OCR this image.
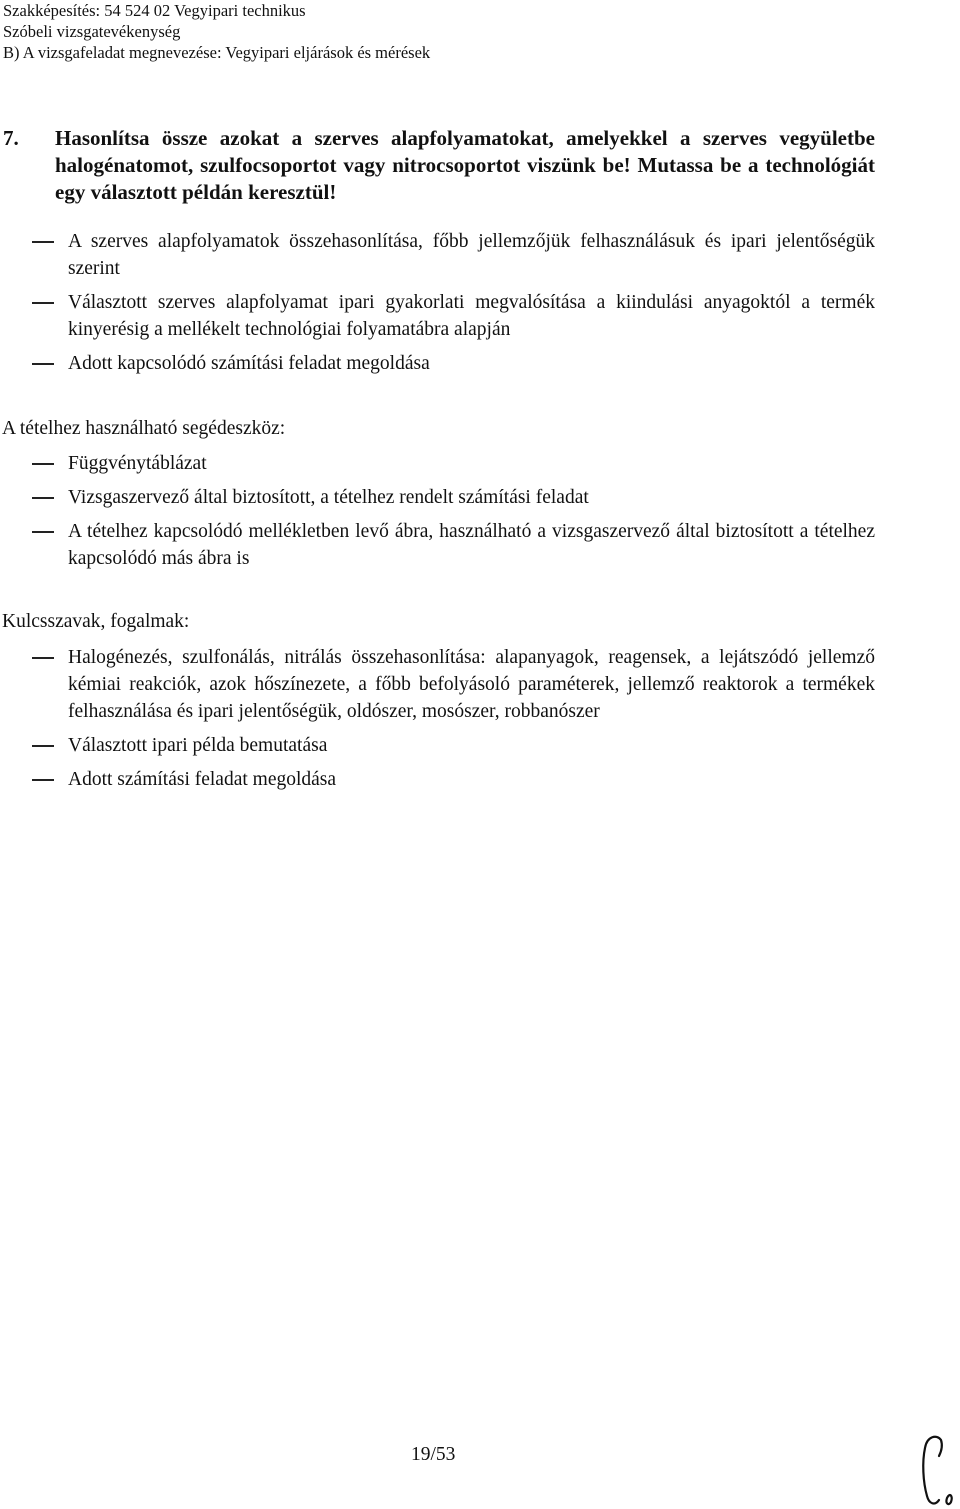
Szakképesítés: 54 524 02 Vegyipari technikus
Szóbeli vizsgatevékenység
B) A vizsgafeladat megnevezése: Vegyipari eljárások és mérések
7. Hasonlítsa össze azokat a szerves alapfolyamatokat, amelyekkel a szerves vegyületbe halogénatomot, szulfocsoportot vagy nitrocsoportot viszünk be! Mutassa be a technológiát egy választott példán keresztül!
A szerves alapfolyamatok összehasonlítása, főbb jellemzőjük felhasználásuk és ipari jelentőségük szerint
Választott szerves alapfolyamat ipari gyakorlati megvalósítása a kiindulási anyagoktól a termék kinyerésig a mellékelt technológiai folyamatábra alapján
Adott kapcsolódó számítási feladat megoldása
A tételhez használható segédeszköz:
Függvénytáblázat
Vizsgaszervező által biztosított, a tételhez rendelt számítási feladat
A tételhez kapcsolódó mellékletben levő ábra, használható a vizsgaszervező által biztosított a tételhez kapcsolódó más ábra is
Kulcsszavak, fogalmak:
Halogénezés, szulfonálás, nitrálás összehasonlítása: alapanyagok, reagensek, a lejátszódó jellemző kémiai reakciók, azok hőszínezete, a főbb befolyásoló paraméterek, jellemző reaktorok a termékek felhasználása és ipari jelentőségük, oldószer, mosószer, robbanószer
Választott ipari példa bemutatása
Adott számítási feladat megoldása
19/53
